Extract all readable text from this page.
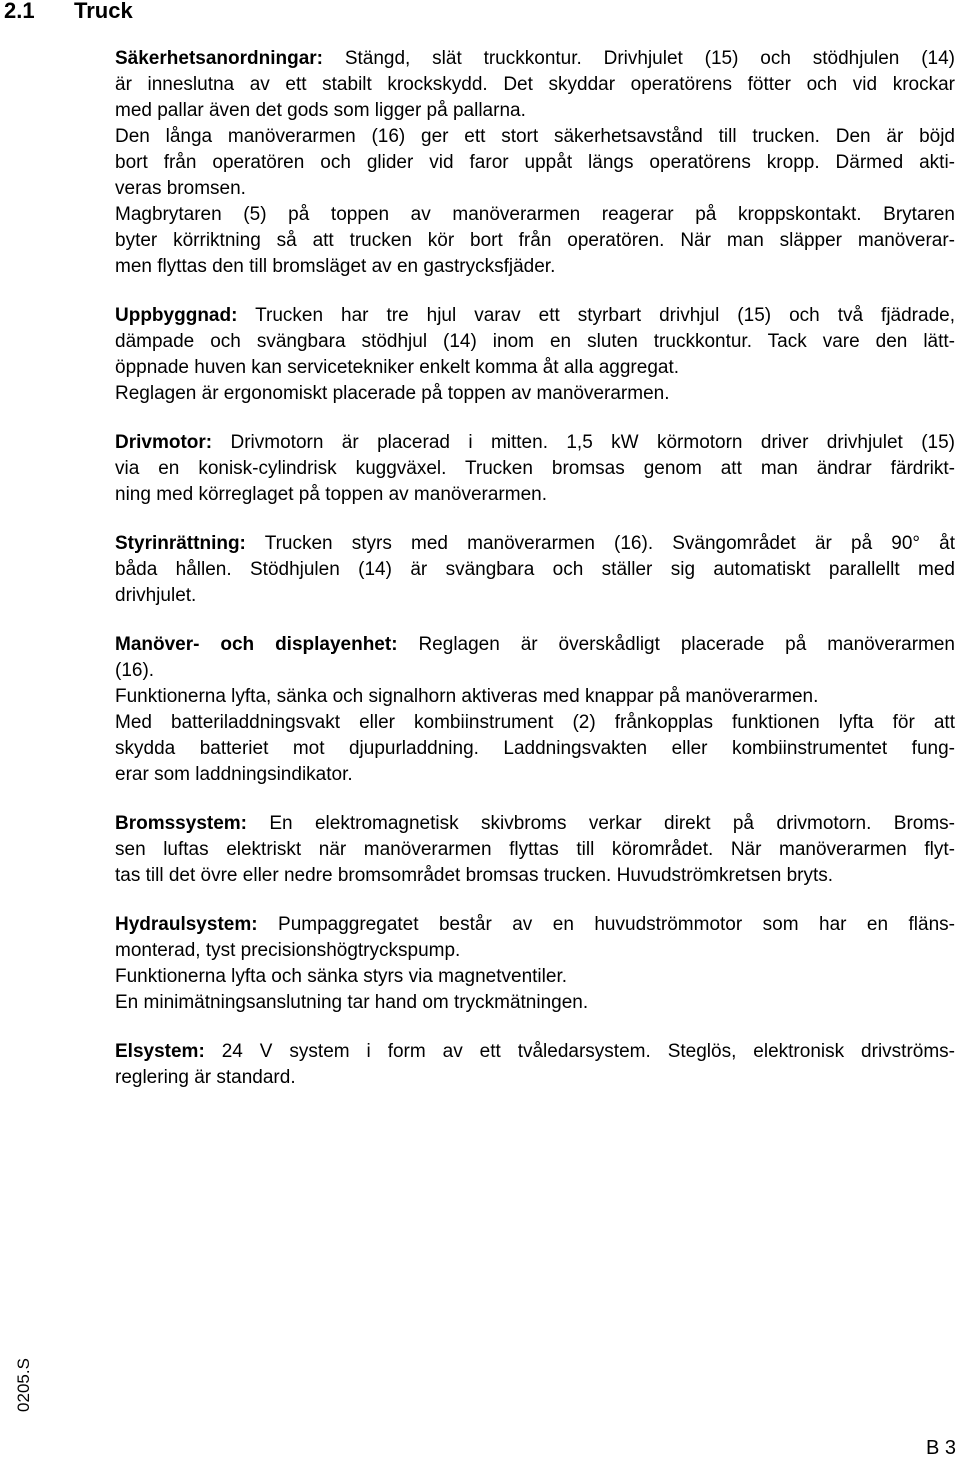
2.1 Truck
Säkerhetsanordningar: Stängd, slät truckkontur. Drivhjulet (15) och stödhjulen (14)
är inneslutna av ett stabilt krockskydd. Det skyddar operatörens fötter och vid krockar
med pallar även det gods som ligger på pallarna.
Den långa manöverarmen (16) ger ett stort säkerhetsavstånd till trucken. Den är böjd
bort från operatören och glider vid faror uppåt längs operatörens kropp. Därmed akti-
veras bromsen.
Magbrytaren (5) på toppen av manöverarmen reagerar på kroppskontakt. Brytaren
byter körriktning så att trucken kör bort från operatören. När man släpper manöverar-
men flyttas den till bromsläget av en gastrycksfjäder.
Uppbyggnad: Trucken har tre hjul varav ett styrbart drivhjul (15) och två fjädrade,
dämpade och svängbara stödhjul (14) inom en sluten truckkontur. Tack vare den lätt-
öppnade huven kan servicetekniker enkelt komma åt alla aggregat.
Reglagen är ergonomiskt placerade på toppen av manöverarmen.
Drivmotor: Drivmotorn är placerad i mitten. 1,5 kW körmotorn driver drivhjulet (15)
via en konisk-cylindrisk kuggväxel. Trucken bromsas genom att man ändrar färdrikt-
ning med körreglaget på toppen av manöverarmen.
Styrinrättning: Trucken styrs med manöverarmen (16). Svängområdet är på 90° åt
båda hållen. Stödhjulen (14) är svängbara och ställer sig automatiskt parallellt med
drivhjulet.
Manöver- och displayenhet: Reglagen är överskådligt placerade på manöverarmen
(16).
Funktionerna lyfta, sänka och signalhorn aktiveras med knappar på manöverarmen.
Med batteriladdningsvakt eller kombiinstrument (2) frånkopplas funktionen lyfta för att
skydda batteriet mot djupurladdning. Laddningsvakten eller kombiinstrumentet fung-
erar som laddningsindikator.
Bromssystem: En elektromagnetisk skivbroms verkar direkt på drivmotorn. Broms-
sen luftas elektriskt när manöverarmen flyttas till körområdet. När manöverarmen flyt-
tas till det övre eller nedre bromsområdet bromsas trucken. Huvudströmkretsen bryts.
Hydraulsystem: Pumpaggregatet består av en huvudströmmotor som har en fläns-
monterad, tyst precisionshögtryckspump.
Funktionerna lyfta och sänka styrs via magnetventiler.
En minimätningsanslutning tar hand om tryckmätningen.
Elsystem: 24 V system i form av ett tvåledarsystem. Steglös, elektronisk drivströms-
reglering är standard.
0205.S
B 3
